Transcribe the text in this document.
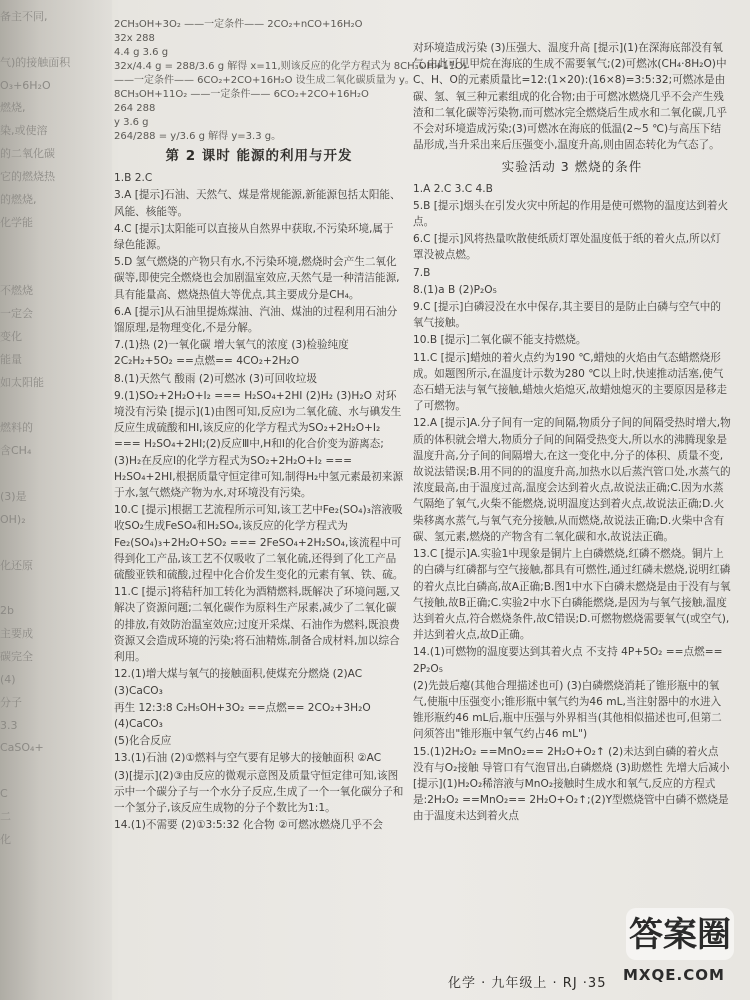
备主不同,
气)的接触面积
O₃+6H₂O
燃烧,
染,或使溶
的二氧化碳
它的燃烧热
的燃烧,
化学能
不燃烧
一定会
变化
能量
如太阳能
燃料的
含CH₄
(3)是
OH)₂
化还原
2b
主要成
碳完全
(4)
分子
3.3
CaSO₄+
C
二
化

2CH₃OH+3O₂ ——一定条件—— 2CO₂+nCO+16H₂O

32x 288

4.4 g 3.6 g

32x/4.4 g = 288/3.6 g 解得 x=11,则该反应的化学方程式为 8CH₃OH+11O₂

——一定条件—— 6CO₂+2CO+16H₂O 设生成二氧化碳质量为 y。

8CH₃OH+11O₂ ——一定条件—— 6CO₂+2CO+16H₂O

264 288

y 3.6 g

264/288 = y/3.6 g 解得 y=3.3 g。

第 2 课时 能源的利用与开发

1.B 2.C

3.A [提示]石油、天然气、煤是常规能源,新能源包括太阳能、风能、核能等。

4.C [提示]太阳能可以直接从自然界中获取,不污染环境,属于绿色能源。

5.D 氢气燃烧的产物只有水,不污染环境,燃烧时会产生二氧化碳等,即使完全燃烧也会加剧温室效应,天然气是一种清洁能源,具有能量高、燃烧热值大等优点,其主要成分是CH₄。

6.A [提示]从石油里提炼煤油、汽油、煤油的过程利用石油分馏原理,是物理变化,不是分解。

7.(1)热 (2)一氧化碳 增大氧气的浓度 (3)检验纯度 2C₂H₂+5O₂ ==点燃== 4CO₂+2H₂O

8.(1)天然气 酸雨 (2)可燃冰 (3)可回收垃圾

9.(1)SO₂+2H₂O+I₂ === H₂SO₄+2HI (2)H₂ (3)H₂O 对环境没有污染 [提示](1)由图可知,反应Ⅰ为二氧化硫、水与碘发生反应生成硫酸和HI,该反应的化学方程式为SO₂+2H₂O+I₂ === H₂SO₄+2HI;(2)反应Ⅲ中,H和I的化合价变为游离态;(3)H₂在反应Ⅰ的化学方程式为SO₂+2H₂O+I₂ === H₂SO₄+2HI,根据质量守恒定律可知,制得H₂中氢元素最初来源于水,氢气燃烧产物为水,对环境没有污染。

10.C [提示]根据工艺流程所示可知,该工艺中Fe₂(SO₄)₃溶液吸收SO₂生成FeSO₄和H₂SO₄,该反应的化学方程式为Fe₂(SO₄)₃+2H₂O+SO₂ === 2FeSO₄+2H₂SO₄,该流程中可得到化工产品,该工艺不仅吸收了二氧化硫,还得到了化工产品硫酸亚铁和硫酸,过程中化合价发生变化的元素有氧、铁、硫。

11.C [提示]将秸秆加工转化为酒精燃料,既解决了环境问题,又解决了资源问题;二氧化碳作为原料生产尿素,减少了二氧化碳的排放,有效防治温室效应;过度开采煤、石油作为燃料,既浪费资源又会造成环境的污染;将石油精炼,制备合成材料,加以综合利用。

12.(1)增大煤与氧气的接触面积,使煤充分燃烧 (2)AC (3)CaCO₃

再生 12:3:8 C₂H₅OH+3O₂ ==点燃== 2CO₂+3H₂O (4)CaCO₃

(5)化合反应

13.(1)石油 (2)①燃料与空气要有足够大的接触面积 ②AC

(3)[提示](2)③由反应的微观示意图及质量守恒定律可知,该图示中一个碳分子与一个水分子反应,生成了一个一氧化碳分子和一个氢分子,该反应生成物的分子个数比为1:1。

14.(1)不需要 (2)①3:5:32 化合物 ②可燃冰燃烧几乎不会

对环境造成污染 (3)压强大、温度升高 [提示](1)在深海底部没有氧气,由此可见甲烷在海底的生成不需要氧气;(2)可燃冰(CH₄·8H₂O)中C、H、O的元素质量比=12:(1×20):(16×8)=3:5:32;可燃冰是由碳、氢、氧三种元素组成的化合物;由于可燃冰燃烧几乎不会产生残渣和二氧化碳等污染物,而可燃冰完全燃烧后生成水和二氧化碳,几乎不会对环境造成污染;(3)可燃冰在海底的低温(2~5 ℃)与高压下结晶形成,当升采出来后压强变小,温度升高,则由固态转化为气态了。

实验活动 3 燃烧的条件

1.A 2.C 3.C 4.B

5.B [提示]烟头在引发火灾中所起的作用是使可燃物的温度达到着火点。

6.C [提示]风将热量吹散使纸质灯罩处温度低于纸的着火点,所以灯罩没被点燃。

7.B

8.(1)a B (2)P₂O₅

9.C [提示]白磷浸没在水中保存,其主要目的是防止白磷与空气中的氧气接触。

10.B [提示]二氧化碳不能支持燃烧。

11.C [提示]蜡烛的着火点约为190 ℃,蜡烛的火焰由气态蜡燃烧形成。如题图所示,在温度计示数为280 ℃以上时,快速推动活塞,使气态石蜡无法与氧气接触,蜡烛火焰熄灭,故蜡烛熄灭的主要原因是移走了可燃物。

12.A [提示]A.分子间有一定的间隔,物质分子间的间隔受热时增大,物质的体积就会增大,物质分子间的间隔受热变大,所以水的沸腾现象是温度升高,分子间的间隔增大,在这一变化中,分子的体积、质量不变,故说法错误;B.用不同的的温度升高,加热水以后蒸汽管口处,水蒸气的浓度最高,由于温度过高,温度会达到着火点,故说法正确;C.因为水蒸气隔绝了氧气,火柴不能燃烧,说明温度达到着火点,故说法正确;D.火柴移离水蒸气,与氧气充分接触,从而燃烧,故说法正确;D.火柴中含有碳、氢元素,燃烧的产物含有二氧化碳和水,故说法正确。

13.C [提示]A.实验1中现象是铜片上白磷燃烧,红磷不燃烧。铜片上的白磷与红磷都与空气接触,都具有可燃性,通过红磷未燃烧,说明红磷的着火点比白磷高,故A正确;B.图1中水下白磷未燃烧是由于没有与氧气接触,故B正确;C.实验2中水下白磷能燃烧,是因为与氧气接触,温度达到着火点,符合燃烧条件,故C错误;D.可燃物燃烧需要氧气(或空气),并达到着火点,故D正确。

14.(1)可燃物的温度要达到其着火点 不支持 4P+5O₂ ==点燃== 2P₂O₅

(2)先鼓后瘪(其他合理描述也可) (3)白磷燃烧消耗了锥形瓶中的氧气,使瓶中压强变小;锥形瓶中氧气约为46 mL,当注射器中的水进入锥形瓶约46 mL后,瓶中压强与外界相当(其他相似描述也可,但第二问须答出"锥形瓶中氧气约占46 mL")

15.(1)2H₂O₂ ==MnO₂== 2H₂O+O₂↑ (2)未达到白磷的着火点 没有与O₂接触 导管口有气泡冒出,白磷燃烧 (3)助燃性 先增大后减小 [提示](1)H₂O₂稀溶液与MnO₂接触时生成水和氧气,反应的方程式是:2H₂O₂ ==MnO₂== 2H₂O+O₂↑;(2)Y型燃烧管中白磷不燃烧是由于温度未达到着火点

化学 · 九年级上 · RJ ·35
答案圈
MXQE.COM
